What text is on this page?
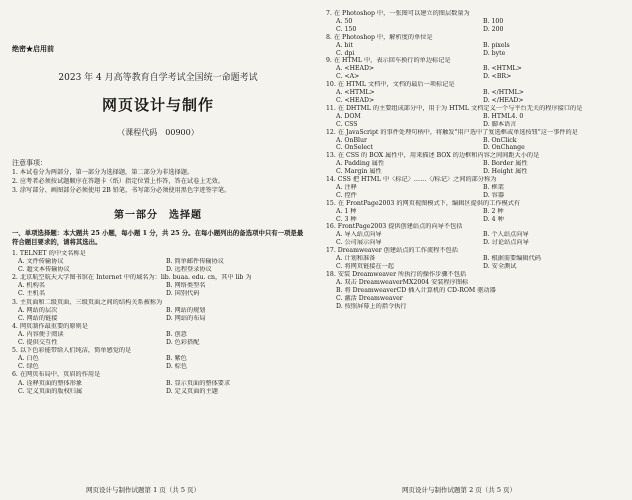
绝密★启用前
2023 年 4 月高等教育自学考试全国统一命题考试
网页设计与制作
（课程代码　00900）
注意事项：
1. 本试卷分为两部分，第一部分为选择题，第二部分为非选择题。
2. 应考者必须按试题顺序在答题卡（纸）指定位置上作答，答在试卷上无效。
3. 涂写部分、画图部分必须使用 2B 铅笔，书写部分必须使用黑色字迹签字笔。
第一部分　选择题
一、单项选择题：本大题共 25 小题，每小题 1 分，共 25 分。在每小题列出的备选项中只有一项是最符合题目要求的，请将其选出。
1. TELNET 的中文名称是
A. 文件传输协议	B. 简单邮件传输协议
C. 超文本传输协议	D. 远程登录协议
2. 北京航空航天大学图书馆在 Internet 中的域名为：lib. buaa. edu. cn，其中 lib 为
A. 机构名	B. 网络类型名
C. 主机名	D. 国别代码
3. 主页面和二级页面、三级页面之间的结构关系被称为
A. 网站的层次	B. 网站的规划
C. 网站的链接	D. 网站的布局
4. 网页制作最重要的原则是
A. 内容便于阅读	B. 创意
C. 提供交互性	D. 色彩搭配
5. 以下色彩能带给人们纯洁，简单感觉的是
A. 白色	B. 紫色
C. 绿色	D. 棕色
6. 在网页布局中，页眉的作用是
A. 诠释页面的整体形象	B. 显示页面的整体要求
C. 定义页面的版权归属	D. 定义页面的主题
网页设计与制作试题第 1 页（共 5 页）
7. 在 Photoshop 中，一张图可以建立的图层数量为
A. 50	B. 100
C. 150	D. 200
8. 在 Photoshop 中，解析度的单位是
A. bit	B. pixels
C. dpi	D. byte
9. 在 HTML 中，表示回车换行的单边标记是
A. <HEAD>	B. <HTML>
C. <A>	D. <BR>
10. 在 HTML 文档中，文档的最后一项标记是
A. <HTML>	B. </HTML>
C. <HEAD>	D. </HEAD>
11. 在 DHTML 的主要组成部分中，用于为 HTML 文档定义一个与平台无关的程序接口的是
A. DOM	B. HTML4. 0
C. CSS	D. 脚本语言
12. 在 JavaScript 的事件处理句柄中，将触发"用户选中了复选框或单选按钮"这一事件的是
A. OnBlur	B. OnClick
C. OnSelect	D. OnChange
13. 在 CSS 的 BOX 属性中，用来描述 BOX 的边框和内容之间间距大小的是
A. Padding 属性	B. Border 属性
C. Margin 属性	D. Height 属性
14. CSS 把 HTML 中〈标记〉……〈/标记〉之间的部分称为
A. 注释	B. 框架
C. 控件	D. 容器
15. 在 FrontPage2003 的网页视图模式下，编辑区提供的工作模式有
A. 1 种	B. 2 种
C. 3 种	D. 4 种
16. FrontPage2003 提供创建站点的向导不包括
A. 导入站点向导	B. 个人站点向导
C. 公司展示向导	D. 讨论站点向导
17. Dreamweaver 创建站点的工作流程不包括
A. 计划和准备	B. 根据需要编辑代码
C. 将网页链接在一起	D. 安全测试
18. 安装 Dreamweaver 所执行的操作步骤不包括
A. 双击 DreamweaverMX2004 安装程序图标
B. 将 DreamweaverCD 插入计算机的 CD-ROM 驱动器
C. 激活 Dreamweaver
D. 按照屏幕上的指令执行
网页设计与制作试题第 2 页（共 5 页）
